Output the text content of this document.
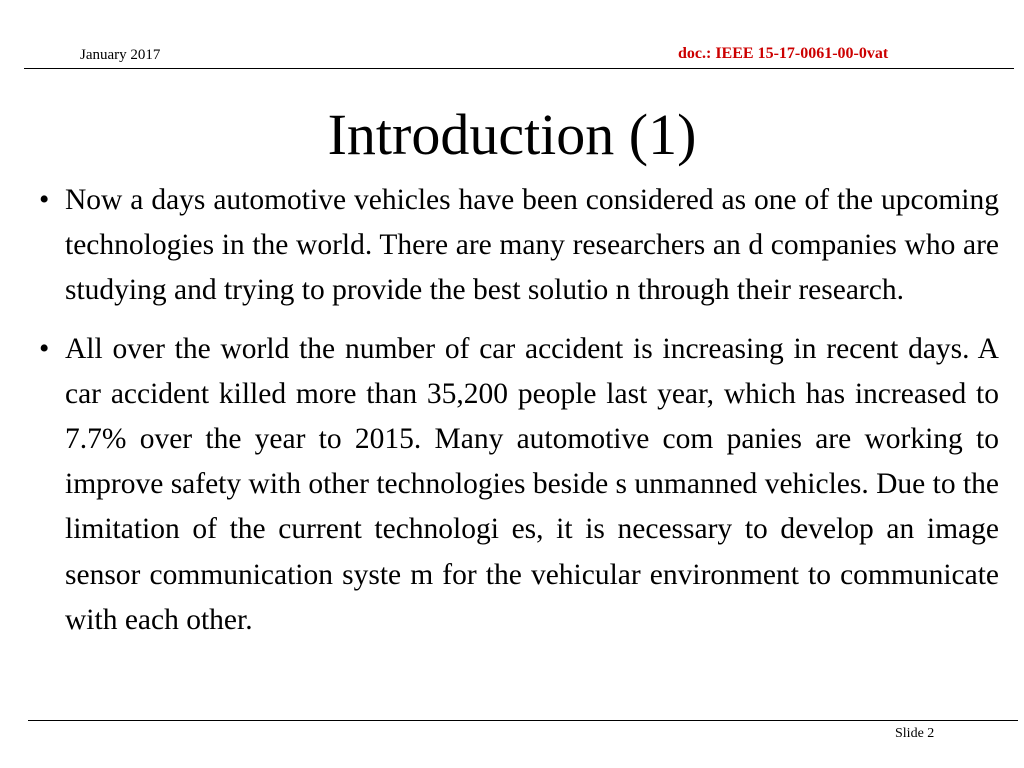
January 2017	doc.: IEEE 15-17-0061-00-0vat
Introduction (1)
• Now a days automotive vehicles have been considered as one of the upcoming technologies in the world. There are many researchers an d companies who are studying and trying to provide the best solutio n through their research.
• All over the world the number of car accident is increasing in recent days. A car accident killed more than 35,200 people last year, which has increased to 7.7% over the year to 2015. Many automotive com panies are working to improve safety with other technologies beside s unmanned vehicles. Due to the limitation of the current technologi es, it is necessary to develop an image sensor communication syste m for the vehicular environment to communicate with each other.
Slide 2
